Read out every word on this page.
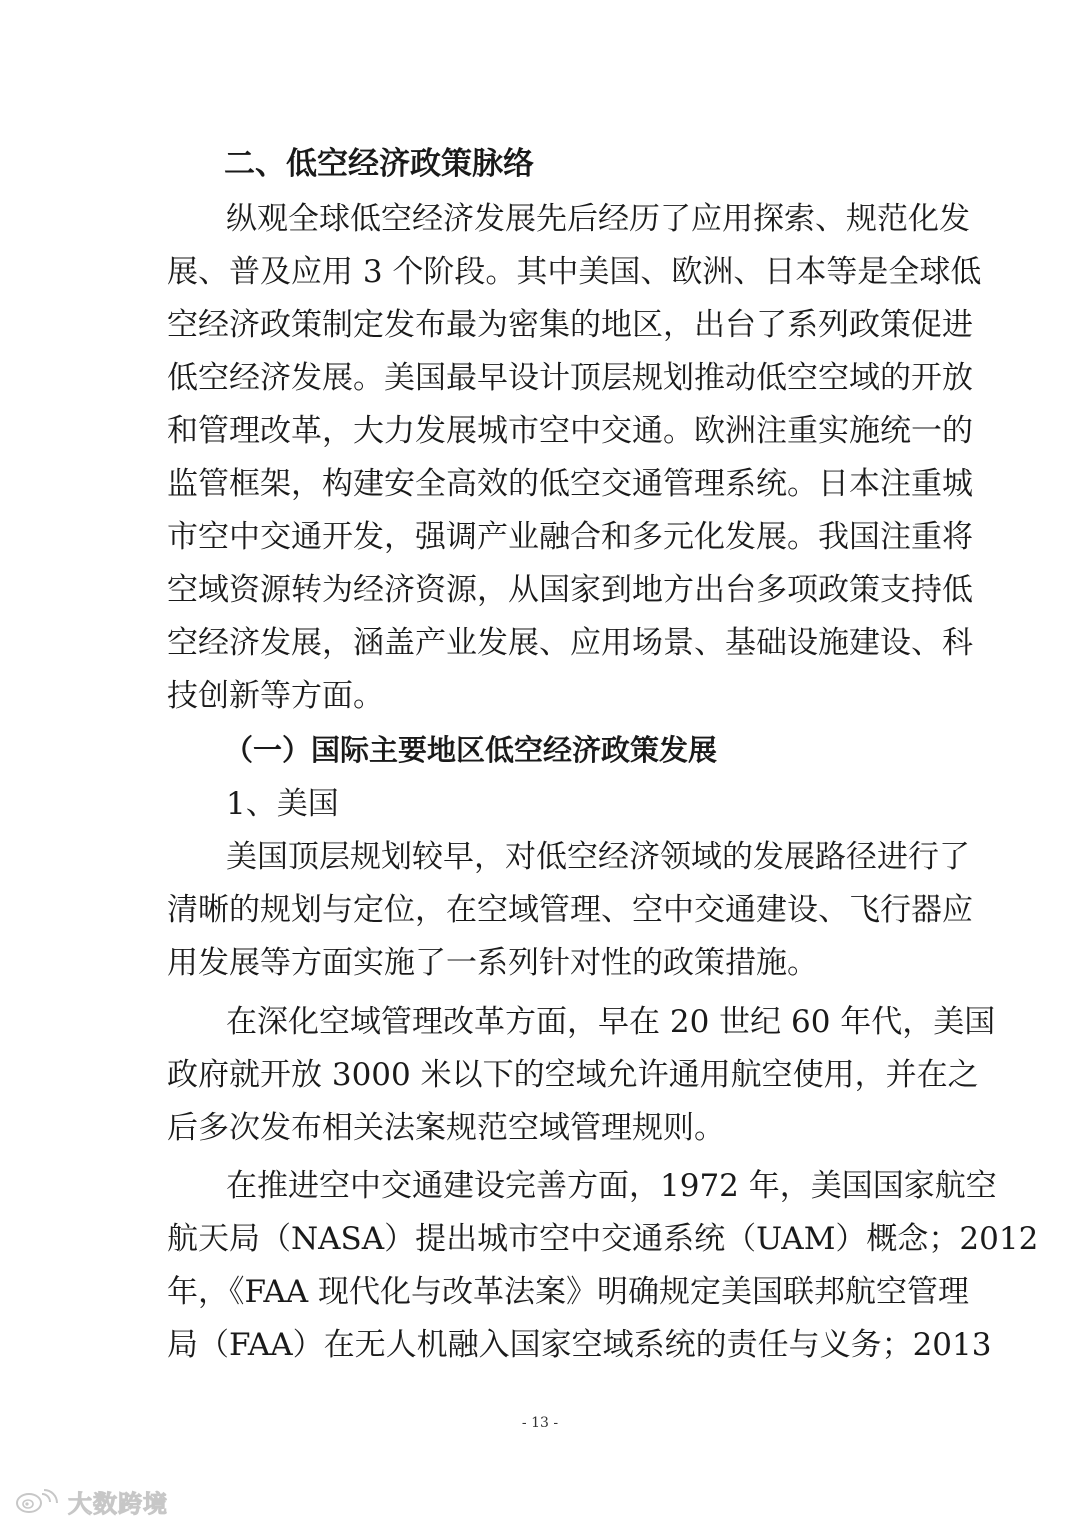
二、低空经济政策脉络
纵观全球低空经济发展先后经历了应用探索、规范化发
展、普及应用 3 个阶段。其中美国、欧洲、日本等是全球低
空经济政策制定发布最为密集的地区，出台了系列政策促进
低空经济发展。美国最早设计顶层规划推动低空空域的开放
和管理改革，大力发展城市空中交通。欧洲注重实施统一的
监管框架，构建安全高效的低空交通管理系统。日本注重城
市空中交通开发，强调产业融合和多元化发展。我国注重将
空域资源转为经济资源，从国家到地方出台多项政策支持低
空经济发展，涵盖产业发展、应用场景、基础设施建设、科
技创新等方面。
（一）国际主要地区低空经济政策发展
1、美国
美国顶层规划较早，对低空经济领域的发展路径进行了
清晰的规划与定位，在空域管理、空中交通建设、飞行器应
用发展等方面实施了一系列针对性的政策措施。
在深化空域管理改革方面，早在 20 世纪 60 年代，美国
政府就开放 3000 米以下的空域允许通用航空使用，并在之
后多次发布相关法案规范空域管理规则。
在推进空中交通建设完善方面，1972 年，美国国家航空
航天局（NASA）提出城市空中交通系统（UAM）概念；2012
年，《FAA 现代化与改革法案》明确规定美国联邦航空管理
局（FAA）在无人机融入国家空域系统的责任与义务；2013
- 13 -
大数跨境
